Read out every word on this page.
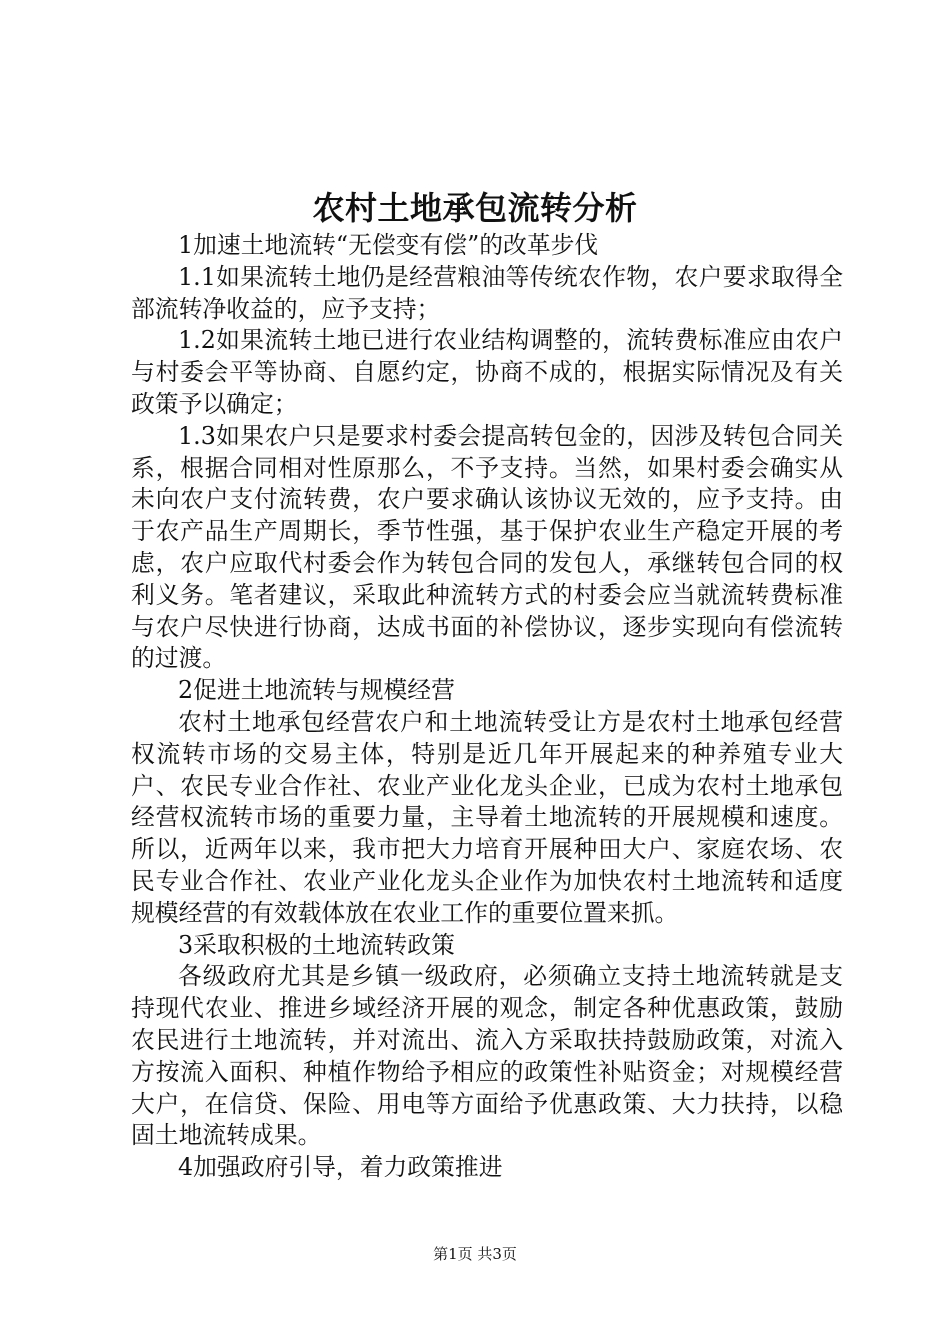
农村土地承包流转分析

1加速土地流转“无偿变有偿”的改革步伐

1.1如果流转土地仍是经营粮油等传统农作物，农户要求取得全部流转净收益的，应予支持；

1.2如果流转土地已进行农业结构调整的，流转费标准应由农户与村委会平等协商、自愿约定，协商不成的，根据实际情况及有关政策予以确定；

1.3如果农户只是要求村委会提高转包金的，因涉及转包合同关系，根据合同相对性原那么，不予支持。当然，如果村委会确实从未向农户支付流转费，农户要求确认该协议无效的，应予支持。由于农产品生产周期长，季节性强，基于保护农业生产稳定开展的考虑，农户应取代村委会作为转包合同的发包人，承继转包合同的权利义务。笔者建议，采取此种流转方式的村委会应当就流转费标准与农户尽快进行协商，达成书面的补偿协议，逐步实现向有偿流转的过渡。

2促进土地流转与规模经营

农村土地承包经营农户和土地流转受让方是农村土地承包经营权流转市场的交易主体，特别是近几年开展起来的种养殖专业大户、农民专业合作社、农业产业化龙头企业，已成为农村土地承包经营权流转市场的重要力量，主导着土地流转的开展规模和速度。所以，近两年以来，我市把大力培育开展种田大户、家庭农场、农民专业合作社、农业产业化龙头企业作为加快农村土地流转和适度规模经营的有效载体放在农业工作的重要位置来抓。

3采取积极的土地流转政策

各级政府尤其是乡镇一级政府，必须确立支持土地流转就是支持现代农业、推进乡域经济开展的观念，制定各种优惠政策，鼓励农民进行土地流转，并对流出、流入方采取扶持鼓励政策，对流入方按流入面积、种植作物给予相应的政策性补贴资金；对规模经营大户，在信贷、保险、用电等方面给予优惠政策、大力扶持，以稳固土地流转成果。

4加强政府引导，着力政策推进

第1页 共3页
